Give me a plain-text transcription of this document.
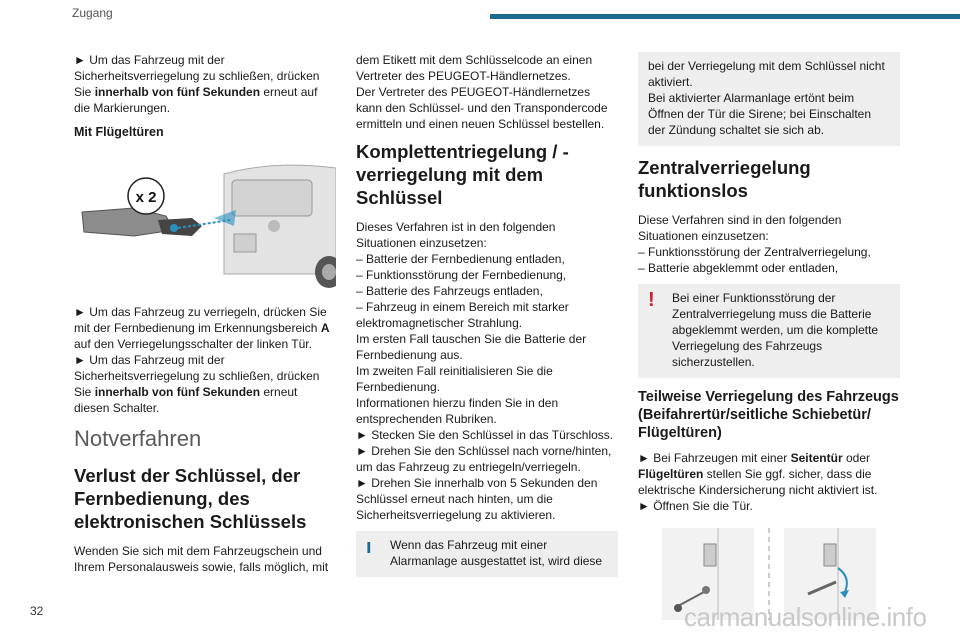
Zugang

► Um das Fahrzeug mit der Sicherheitsverriegelung zu schließen, drücken Sie innerhalb von fünf Sekunden erneut auf die Markierungen.

Mit Flügeltüren
x 2

► Um das Fahrzeug zu verriegeln, drücken Sie mit der Fernbedienung im Erkennungsbereich A auf den Verriegelungsschalter der linken Tür.
► Um das Fahrzeug mit der Sicherheitsverriegelung zu schließen, drücken Sie innerhalb von fünf Sekunden erneut diesen Schalter.

Notverfahren
Verlust der Schlüssel, der Fernbedienung, des elektronischen Schlüssels

Wenden Sie sich mit dem Fahrzeugschein und Ihrem Personalausweis sowie, falls möglich, mit

dem Etikett mit dem Schlüsselcode an einen Vertreter des PEUGEOT-Händlernetzes.
Der Vertreter des PEUGEOT-Händlernetzes kann den Schlüssel- und den Transpondercode ermitteln und einen neuen Schlüssel bestellen.

Komplettentriegelung / -verriegelung mit dem Schlüssel

Dieses Verfahren ist in den folgenden Situationen einzusetzen:
– Batterie der Fernbedienung entladen,
– Funktionsstörung der Fernbedienung,
– Batterie des Fahrzeugs entladen,
– Fahrzeug in einem Bereich mit starker elektromagnetischer Strahlung.
Im ersten Fall tauschen Sie die Batterie der Fernbedienung aus.
Im zweiten Fall reinitialisieren Sie die Fernbedienung.
Informationen hierzu finden Sie in den entsprechenden Rubriken.
► Stecken Sie den Schlüssel in das Türschloss.
► Drehen Sie den Schlüssel nach vorne/hinten, um das Fahrzeug zu entriegeln/verriegeln.
► Drehen Sie innerhalb von 5 Sekunden den Schlüssel erneut nach hinten, um die Sicherheitsverriegelung zu aktivieren.

ı	Wenn das Fahrzeug mit einer Alarmanlage ausgestattet ist, wird diese
bei der Verriegelung mit dem Schlüssel nicht aktiviert.
Bei aktivierter Alarmanlage ertönt beim Öffnen der Tür die Sirene; bei Einschalten der Zündung schaltet sie sich ab.
Zentralverriegelung funktionslos

Diese Verfahren sind in den folgenden Situationen einzusetzen:
– Funktionsstörung der Zentralverriegelung,
– Batterie abgeklemmt oder entladen,

!	Bei einer Funktionsstörung der Zentralverriegelung muss die Batterie abgeklemmt werden, um die komplette Verriegelung des Fahrzeugs sicherzustellen.
Teilweise Verriegelung des Fahrzeugs (Beifahrertür/seitliche Schiebetür/ Flügeltüren)

► Bei Fahrzeugen mit einer Seitentür oder Flügeltüren stellen Sie ggf. sicher, dass die elektrische Kindersicherung nicht aktiviert ist.
► Öffnen Sie die Tür.

32	carmanualsonline.info
